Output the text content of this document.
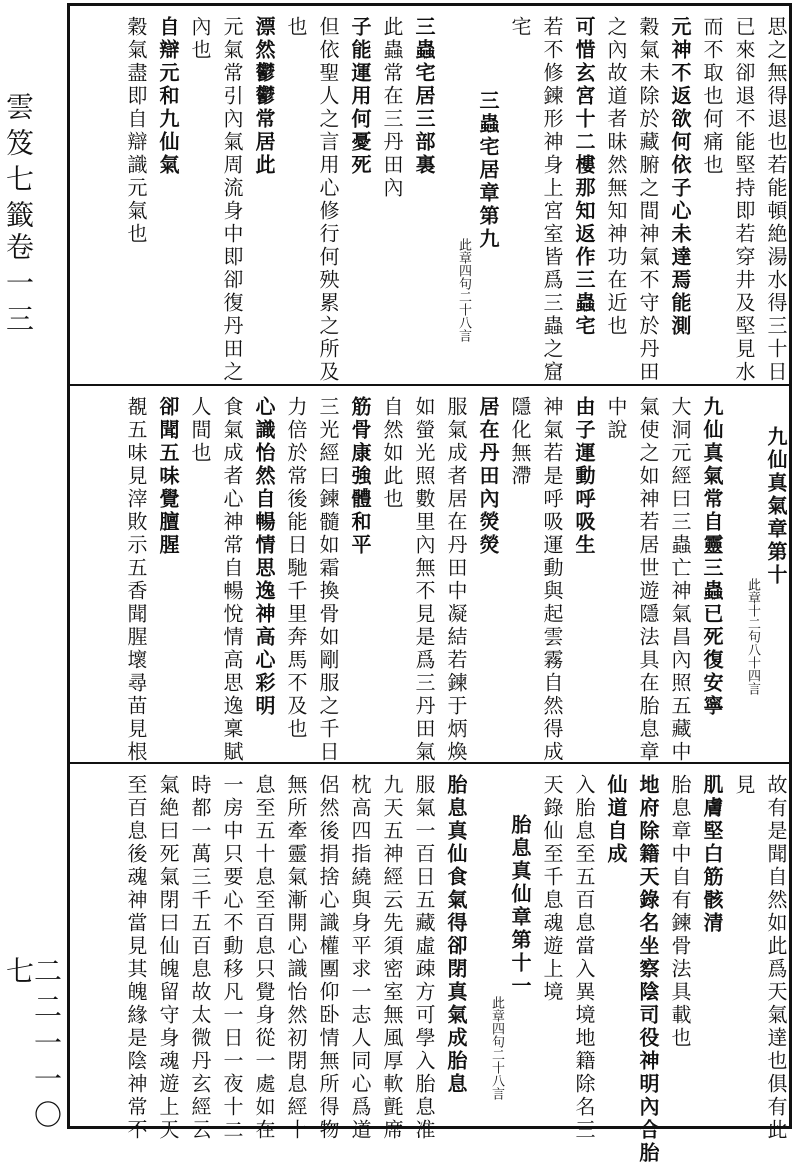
雲笈七籤
卷一三
二二一一〇七
思之無得退也若能頓絶湯水得三十日
已來卻退不能堅持即若穿井及堅見水
而不取也何痛也
元神不返欲何依子心未達焉能測
穀氣未除於藏腑之間神氣不守於丹田
之內故道者昧然無知神功在近也
可惜玄宮十二樓那知返作三蟲宅
若不修鍊形神身上宮室皆爲三蟲之窟
宅
三蟲宅居章第九
此章四句二十八言
三蟲宅居三部裏
此蟲常在三丹田內
子能運用何憂死
但依聖人之言用心修行何殃累之所及
也
漂然鬱鬱常居此
元氣常引內氣周流身中即卻復丹田之
內也
自辯元和九仙氣
穀氣盡即自辯識元氣也
九仙真氣章第十
此章十二句八十四言
九仙真氣常自靈三蟲已死復安寧
大洞元經曰三蟲亡神氣昌內照五藏中
氣使之如神若居世遊隱法具在胎息章
中說
由子運動呼吸生
神氣若是呼吸運動與起雲霧自然得成
隱化無滯
居在丹田內熒熒
服氣成者居在丹田中凝結若鍊于炳煥
如螢光照數里內無不見是爲三丹田氣
自然如此也
筋骨康強體和平
三光經曰鍊髓如霜換骨如剛服之千日
力倍於常後能日馳千里奔馬不及也
心識怡然自暢情思逸神高心彩明
食氣成者心神常自暢悅情高思逸稟賦
人間也
卻聞五味覺膻腥
覩五味見滓敗示五香聞腥壞尋苗見根
故有是聞自然如此爲天氣達也俱有此
見
肌膚堅白筋骸清
胎息章中自有鍊骨法具載也
地府除籍天錄名坐察陰司役神明內合胎
仙道自成
入胎息至五百息當入異境地籍除名三
天錄仙至千息魂遊上境
胎息真仙章第十一
此章四句二十八言
胎息真仙食氣得卻閉真氣成胎息
服氣一百日五藏虛疎方可學入胎息准
九天五神經云先須密室無風厚軟氈席
枕高四指繞與身平求一志人同心爲道
侶然後捐捨心識權團仰卧情無所得物
無所牽靈氣漸開心識怡然初閉息經十
息至五十息至百息只覺身從一處如在
一房中只要心不動移凡一日一夜十二
時都一萬三千五百息故太微丹玄經云
氣絶曰死氣閉曰仙魄留守身魂遊上天
至百息後魂神當見其魄緣是陰神常不
